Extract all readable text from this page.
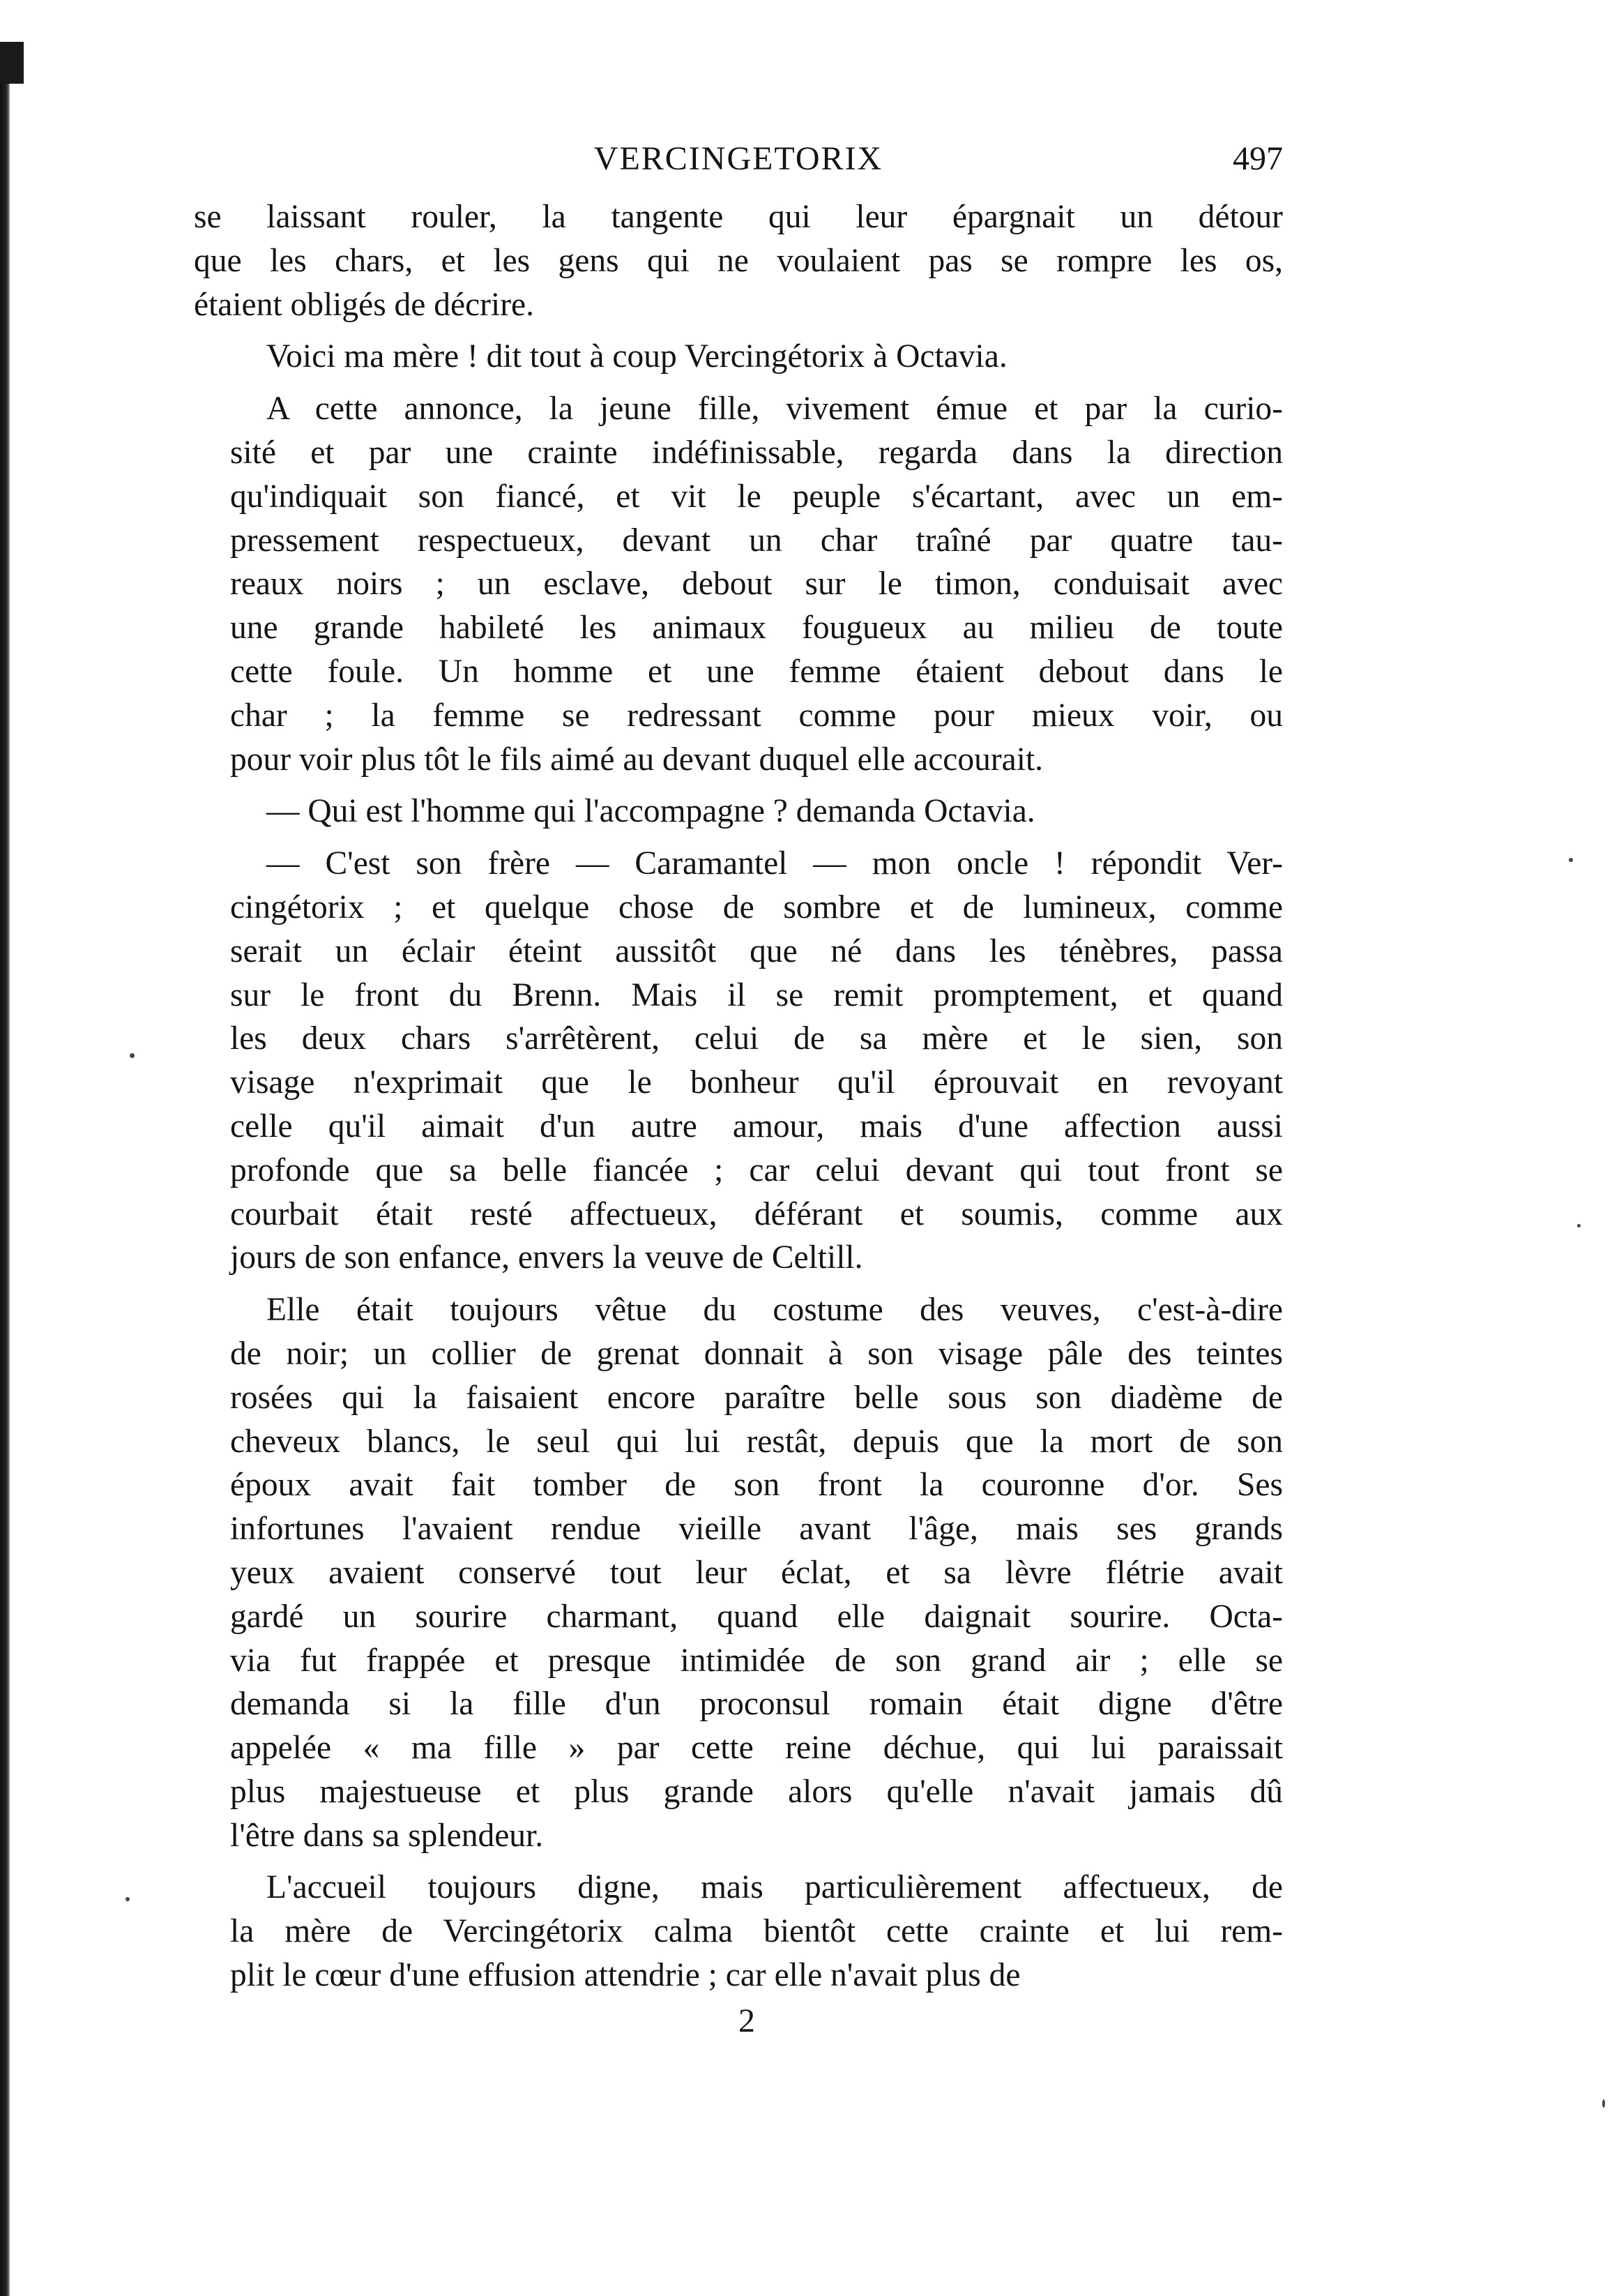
VERCINGETORIX	497
se laissant rouler, la tangente qui leur épargnait un détour
que les chars, et les gens qui ne voulaient pas se rompre les os,
étaient obligés de décrire.
Voici ma mère ! dit tout à coup Vercingétorix à Octavia.
A cette annonce, la jeune fille, vivement émue et par la curio-
sité et par une crainte indéfinissable, regarda dans la direction
qu'indiquait son fiancé, et vit le peuple s'écartant, avec un em-
pressement respectueux, devant un char traîné par quatre tau-
reaux noirs ; un esclave, debout sur le timon, conduisait avec
une grande habileté les animaux fougueux au milieu de toute
cette foule. Un homme et une femme étaient debout dans le
char ; la femme se redressant comme pour mieux voir, ou
pour voir plus tôt le fils aimé au devant duquel elle accourait.
— Qui est l'homme qui l'accompagne ? demanda Octavia.
— C'est son frère — Caramantel — mon oncle ! répondit Ver-
cingétorix ; et quelque chose de sombre et de lumineux, comme
serait un éclair éteint aussitôt que né dans les ténèbres, passa
sur le front du Brenn. Mais il se remit promptement, et quand
les deux chars s'arrêtèrent, celui de sa mère et le sien, son
visage n'exprimait que le bonheur qu'il éprouvait en revoyant
celle qu'il aimait d'un autre amour, mais d'une affection aussi
profonde que sa belle fiancée ; car celui devant qui tout front se
courbait était resté affectueux, déférant et soumis, comme aux
jours de son enfance, envers la veuve de Celtill.
Elle était toujours vêtue du costume des veuves, c'est-à-dire
de noir; un collier de grenat donnait à son visage pâle des teintes
rosées qui la faisaient encore paraître belle sous son diadème de
cheveux blancs, le seul qui lui restât, depuis que la mort de son
époux avait fait tomber de son front la couronne d'or. Ses
infortunes l'avaient rendue vieille avant l'âge, mais ses grands
yeux avaient conservé tout leur éclat, et sa lèvre flétrie avait
gardé un sourire charmant, quand elle daignait sourire. Octa-
via fut frappée et presque intimidée de son grand air ; elle se
demanda si la fille d'un proconsul romain était digne d'être
appelée « ma fille » par cette reine déchue, qui lui paraissait
plus majestueuse et plus grande alors qu'elle n'avait jamais dû
l'être dans sa splendeur.
L'accueil toujours digne, mais particulièrement affectueux, de
la mère de Vercingétorix calma bientôt cette crainte et lui rem-
plit le cœur d'une effusion attendrie ; car elle n'avait plus de
2
